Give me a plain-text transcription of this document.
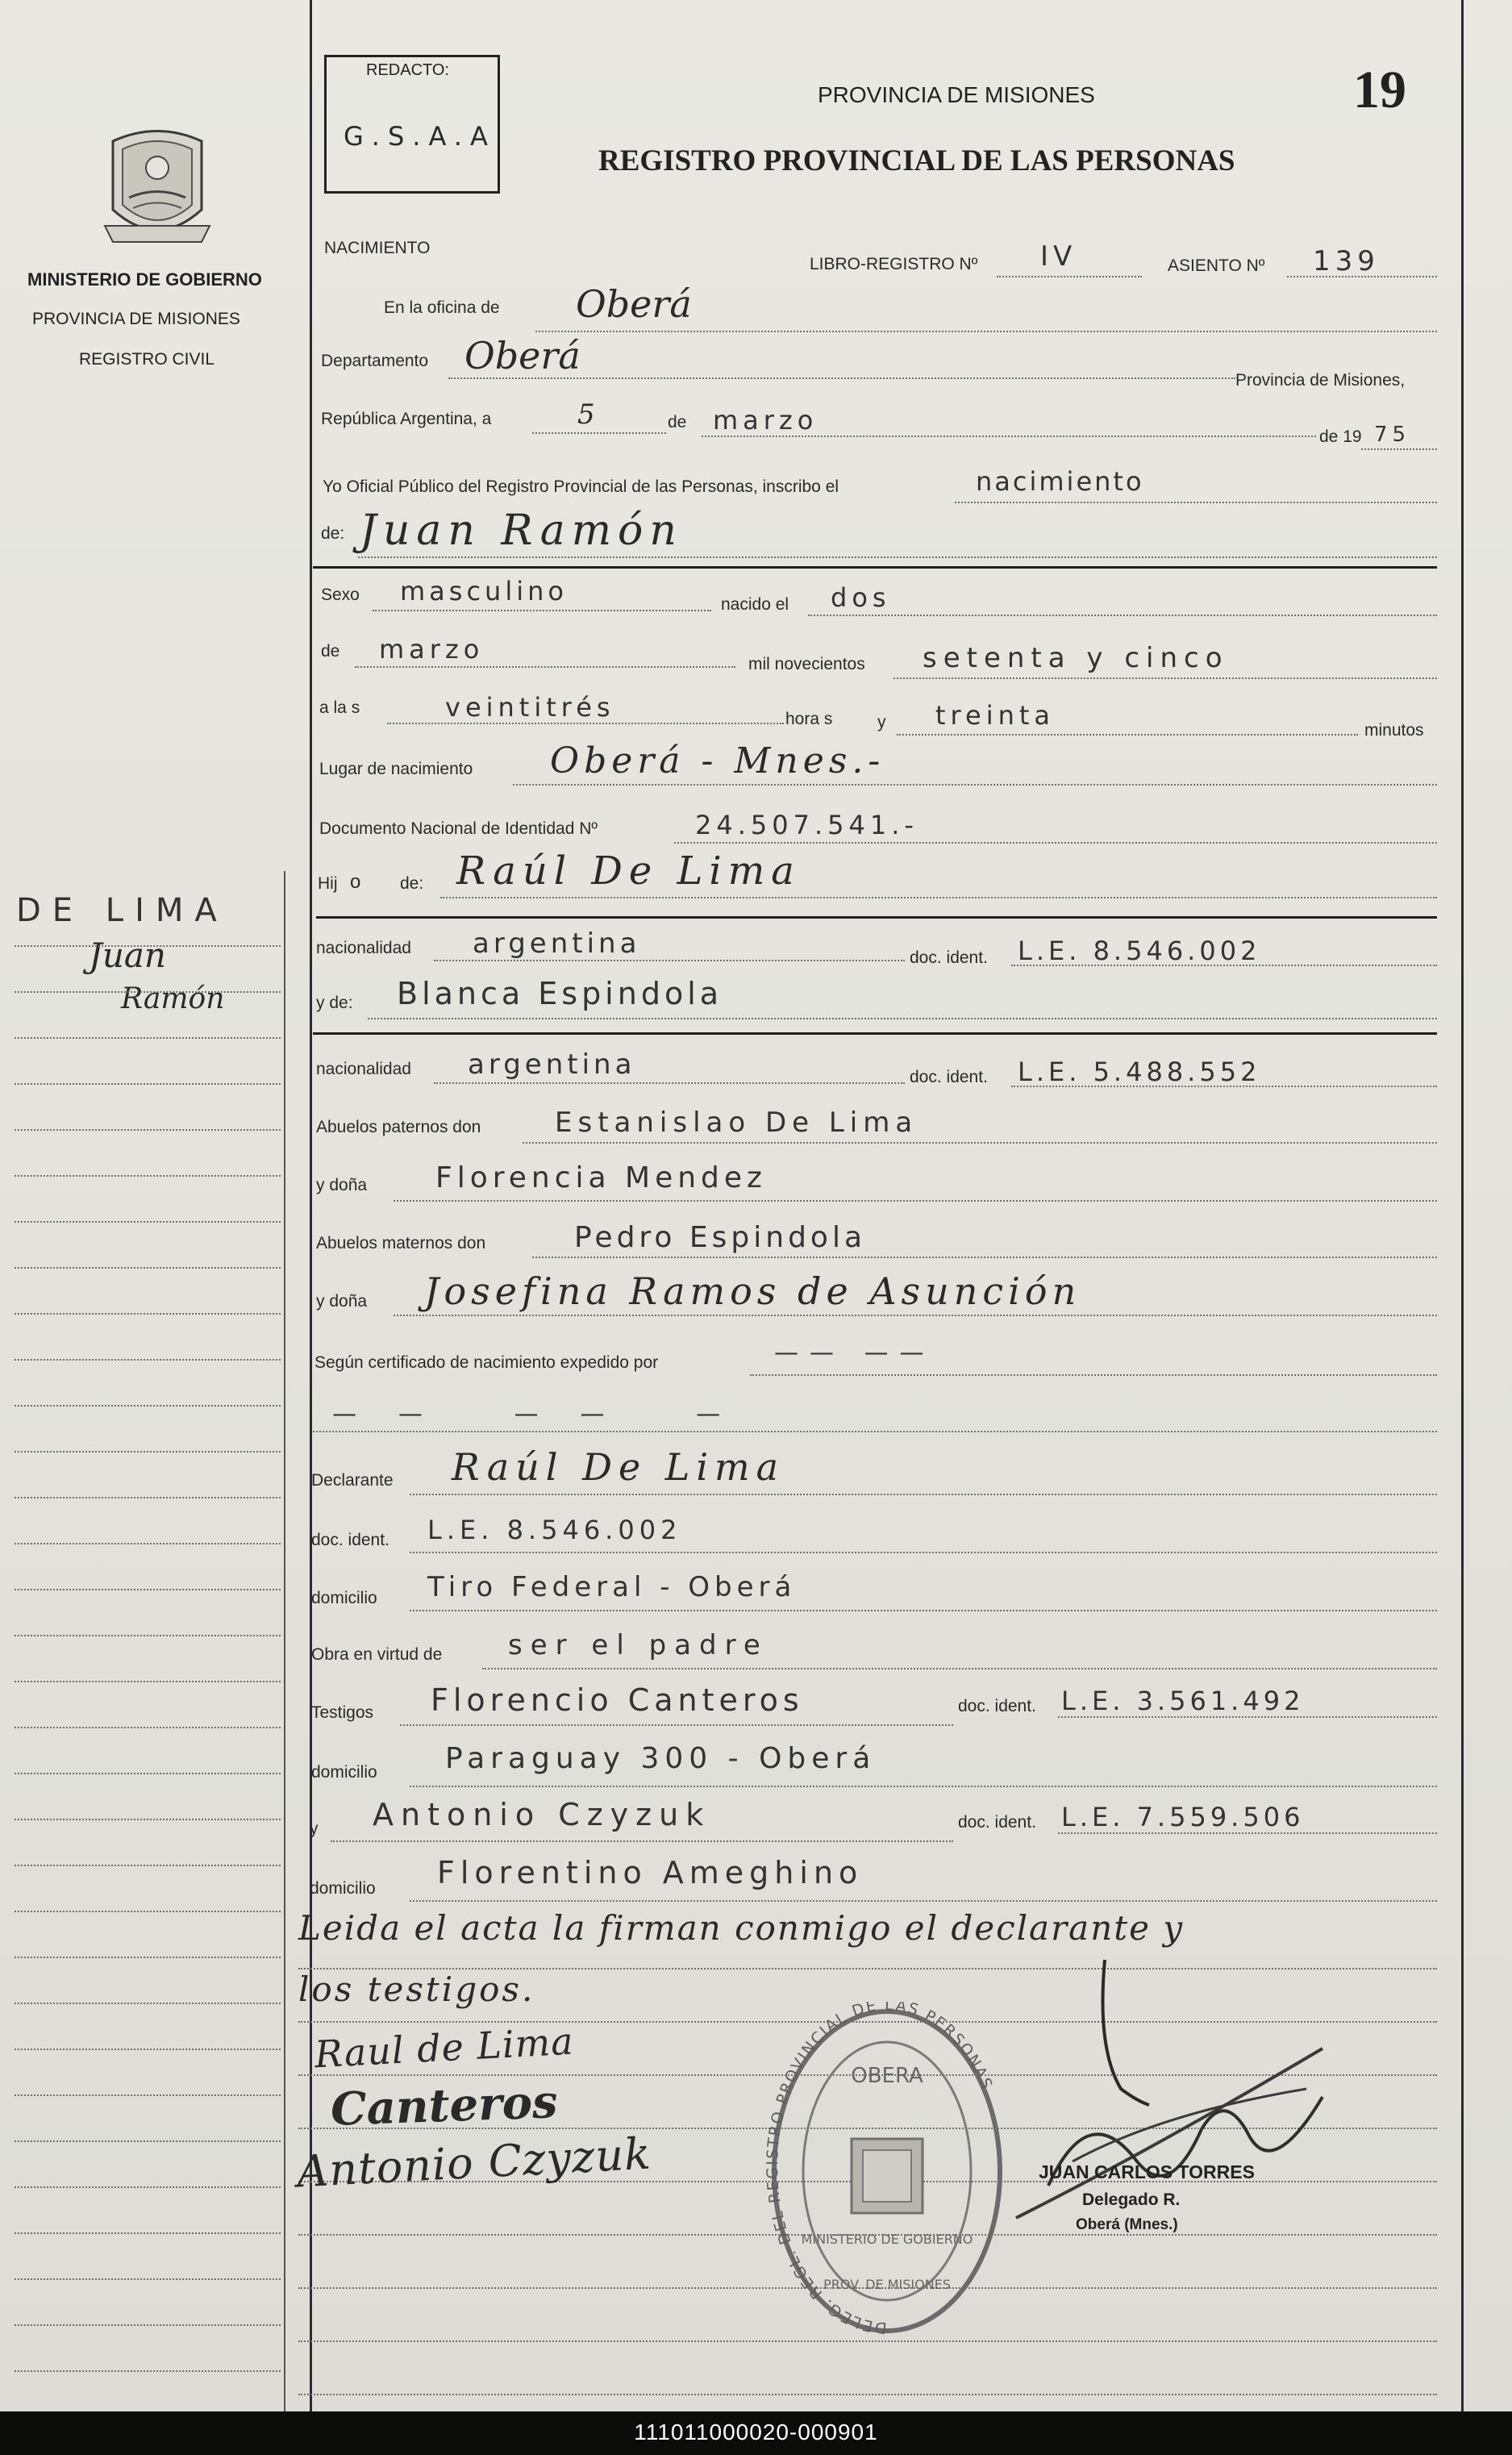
MINISTERIO DE GOBIERNO
PROVINCIA DE MISIONES
REGISTRO CIVIL
DE LIMA
Juan
Ramón
REDACTO:
G.S.A.A
PROVINCIA DE MISIONES
REGISTRO PROVINCIAL DE LAS PERSONAS
19
NACIMIENTO
LIBRO-REGISTRO Nº IV	ASIENTO Nº 139
En la oficina de Oberá
Departamento Oberá
Provincia de Misiones,
República Argentina, a	5	de marzo
de 19 75
Yo Oficial Público del Registro Provincial de las Personas, inscribo el	nacimiento
de: Juan Ramón
Sexo masculino	nacido el dos
de marzo	mil novecientos setenta y cinco
a la s	veintitrés	hora s	y treinta	minutos
Lugar de nacimiento Oberá - Mnes.-
Documento Nacional de Identidad Nº	24.507.541.-
Hij o de: Raúl De Lima
nacionalidad argentina	doc. ident. L.E. 8.546.002
y de: Blanca Espindola
nacionalidad argentina	doc. ident. L.E. 5.488.552
Abuelos paternos don	Estanislao De Lima
y doña Florencia Mendez
Abuelos maternos don	Pedro Espindola
y doña Josefina Ramos de Asunción
Según certificado de nacimiento expedido por	—— ——
—— —— —
Declarante Raúl De Lima
doc. ident. L.E. 8.546.002
domicilio Tiro Federal - Oberá
Obra en virtud de ser el padre
Testigos Florencio Canteros	doc. ident. L.E. 3.561.492
domicilio Paraguay 300 - Oberá
y Antonio Czyzuk	doc. ident. L.E. 7.559.506
domicilio Florentino Ameghino
Leida el acta la firman conmigo el declarante y
los testigos.
Raul de Lima
Canteros
Antonio Czyzuk
DELEG. REGL. DEL R TRO PROVINCIAL DE LAS PERSONAS
OBERA
MINISTERIO DE GOBIERNO
PROV. DE MISIONES
JUAN CARLOS TORRES
Delegado R.
Oberá (Mnes.)
111011000020-000901
